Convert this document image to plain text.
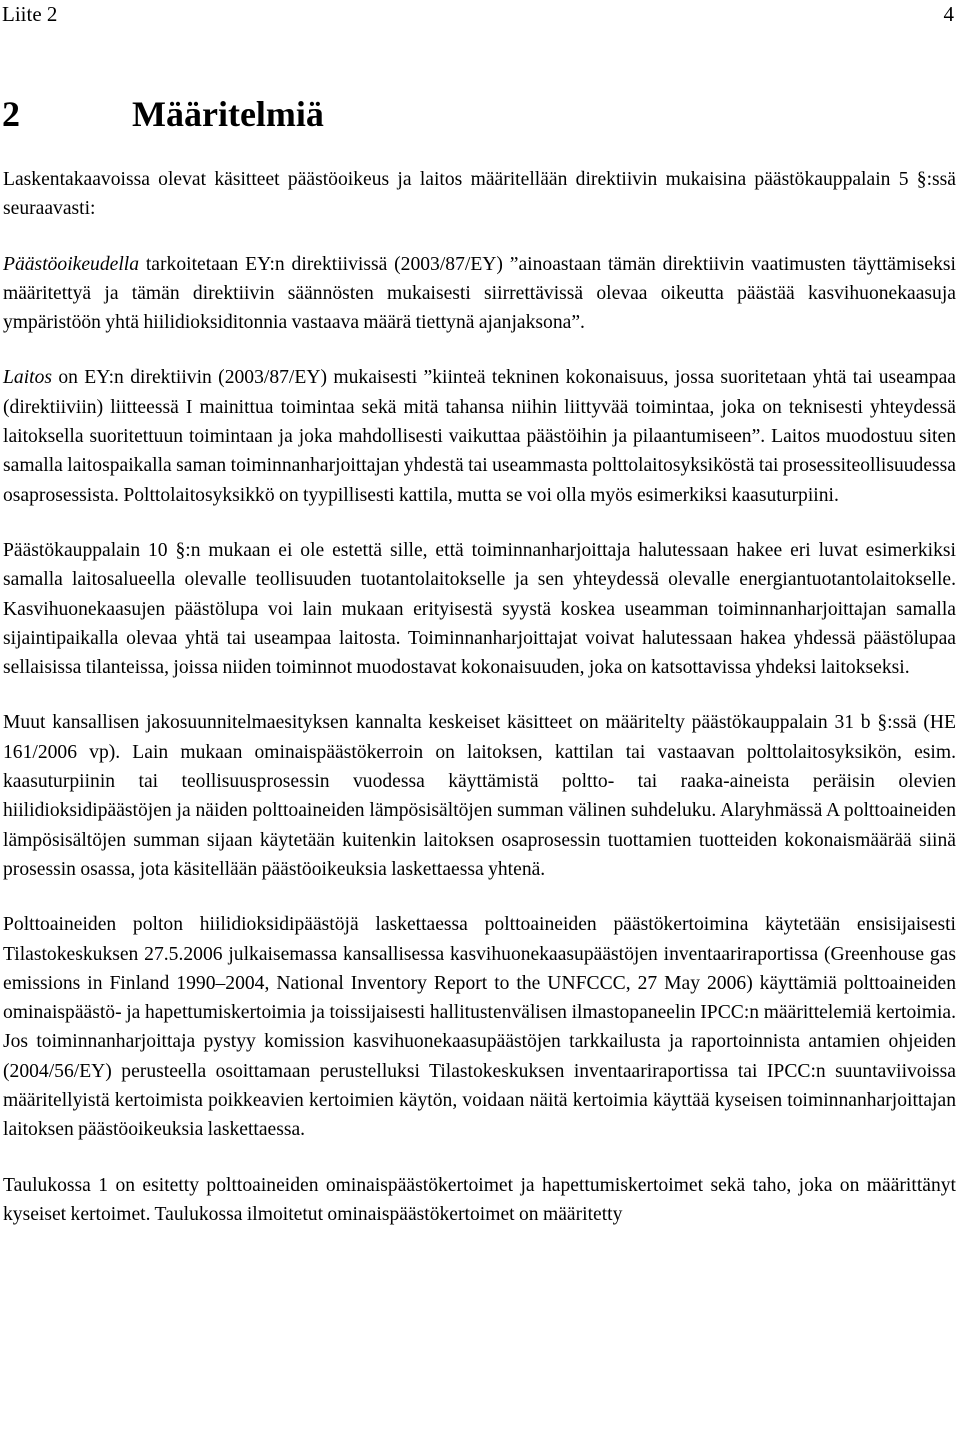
Liite 2	4
2	Määritelmiä

Laskentakaavoissa olevat käsitteet päästöoikeus ja laitos määritellään direktiivin mukaisina päästökauppalain 5 §:ssä seuraavasti:

Päästöoikeudella tarkoitetaan EY:n direktiivissä (2003/87/EY) ”ainoastaan tämän direktiivin vaatimusten täyttämiseksi määritettyä ja tämän direktiivin säännösten mukaisesti siirrettävissä olevaa oikeutta päästää kasvihuonekaasuja ympäristöön yhtä hiilidioksiditonnia vastaava määrä tiettynä ajanjaksona”.

Laitos on EY:n direktiivin (2003/87/EY) mukaisesti ”kiinteä tekninen kokonaisuus, jossa suoritetaan yhtä tai useampaa (direktiiviin) liitteessä I mainittua toimintaa sekä mitä tahansa niihin liittyvää toimintaa, joka on teknisesti yhteydessä laitoksella suoritettuun toimintaan ja joka mahdollisesti vaikuttaa päästöihin ja pilaantumiseen”. Laitos muodostuu siten samalla laitospaikalla saman toiminnanharjoittajan yhdestä tai useammasta polttolaitosyksiköstä tai prosessiteollisuudessa osaprosessista. Polttolaitosyksikkö on tyypillisesti kattila, mutta se voi olla myös esimerkiksi kaasuturpiini.

Päästökauppalain 10 §:n mukaan ei ole estettä sille, että toiminnanharjoittaja halutessaan hakee eri luvat esimerkiksi samalla laitosalueella olevalle teollisuuden tuotantolaitokselle ja sen yhteydessä olevalle energiantuotantolaitokselle. Kasvihuonekaasujen päästölupa voi lain mukaan erityisestä syystä koskea useamman toiminnanharjoittajan samalla sijaintipaikalla olevaa yhtä tai useampaa laitosta. Toiminnanharjoittajat voivat halutessaan hakea yhdessä päästölupaa sellaisissa tilanteissa, joissa niiden toiminnot muodostavat kokonaisuuden, joka on katsottavissa yhdeksi laitokseksi.

Muut kansallisen jakosuunnitelmaesityksen kannalta keskeiset käsitteet on määritelty päästökauppalain 31 b §:ssä (HE 161/2006 vp). Lain mukaan ominaispäästökerroin on laitoksen, kattilan tai vastaavan polttolaitosyksikön, esim. kaasuturpiinin tai teollisuusprosessin vuodessa käyttämistä poltto- tai raaka-aineista peräisin olevien hiilidioksidipäästöjen ja näiden polttoaineiden lämpösisältöjen summan välinen suhdeluku. Alaryhmässä A polttoaineiden lämpösisältöjen summan sijaan käytetään kuitenkin laitoksen osaprosessin tuottamien tuotteiden kokonaismäärää siinä prosessin osassa, jota käsitellään päästöoikeuksia laskettaessa yhtenä.

Polttoaineiden polton hiilidioksidipäästöjä laskettaessa polttoaineiden päästökertoimina käytetään ensisijaisesti Tilastokeskuksen 27.5.2006 julkaisemassa kansallisessa kasvihuonekaasupäästöjen inventaariraportissa (Greenhouse gas emissions in Finland 1990–2004, National Inventory Report to the UNFCCC, 27 May 2006) käyttämiä polttoaineiden ominaispäästö- ja hapettumiskertoimia ja toissijaisesti hallitustenvälisen ilmastopaneelin IPCC:n määrittelemiä kertoimia. Jos toiminnanharjoittaja pystyy komission kasvihuonekaasupäästöjen tarkkailusta ja raportoinnista antamien ohjeiden (2004/56/EY) perusteella osoittamaan perustelluksi Tilastokeskuksen inventaariraportissa tai IPCC:n suuntaviivoissa määritellyistä kertoimista poikkeavien kertoimien käytön, voidaan näitä kertoimia käyttää kyseisen toiminnanharjoittajan laitoksen päästöoikeuksia laskettaessa.

Taulukossa 1 on esitetty polttoaineiden ominaispäästökertoimet ja hapettumiskertoimet sekä taho, joka on määrittänyt kyseiset kertoimet. Taulukossa ilmoitetut ominaispäästökertoimet on määritetty
